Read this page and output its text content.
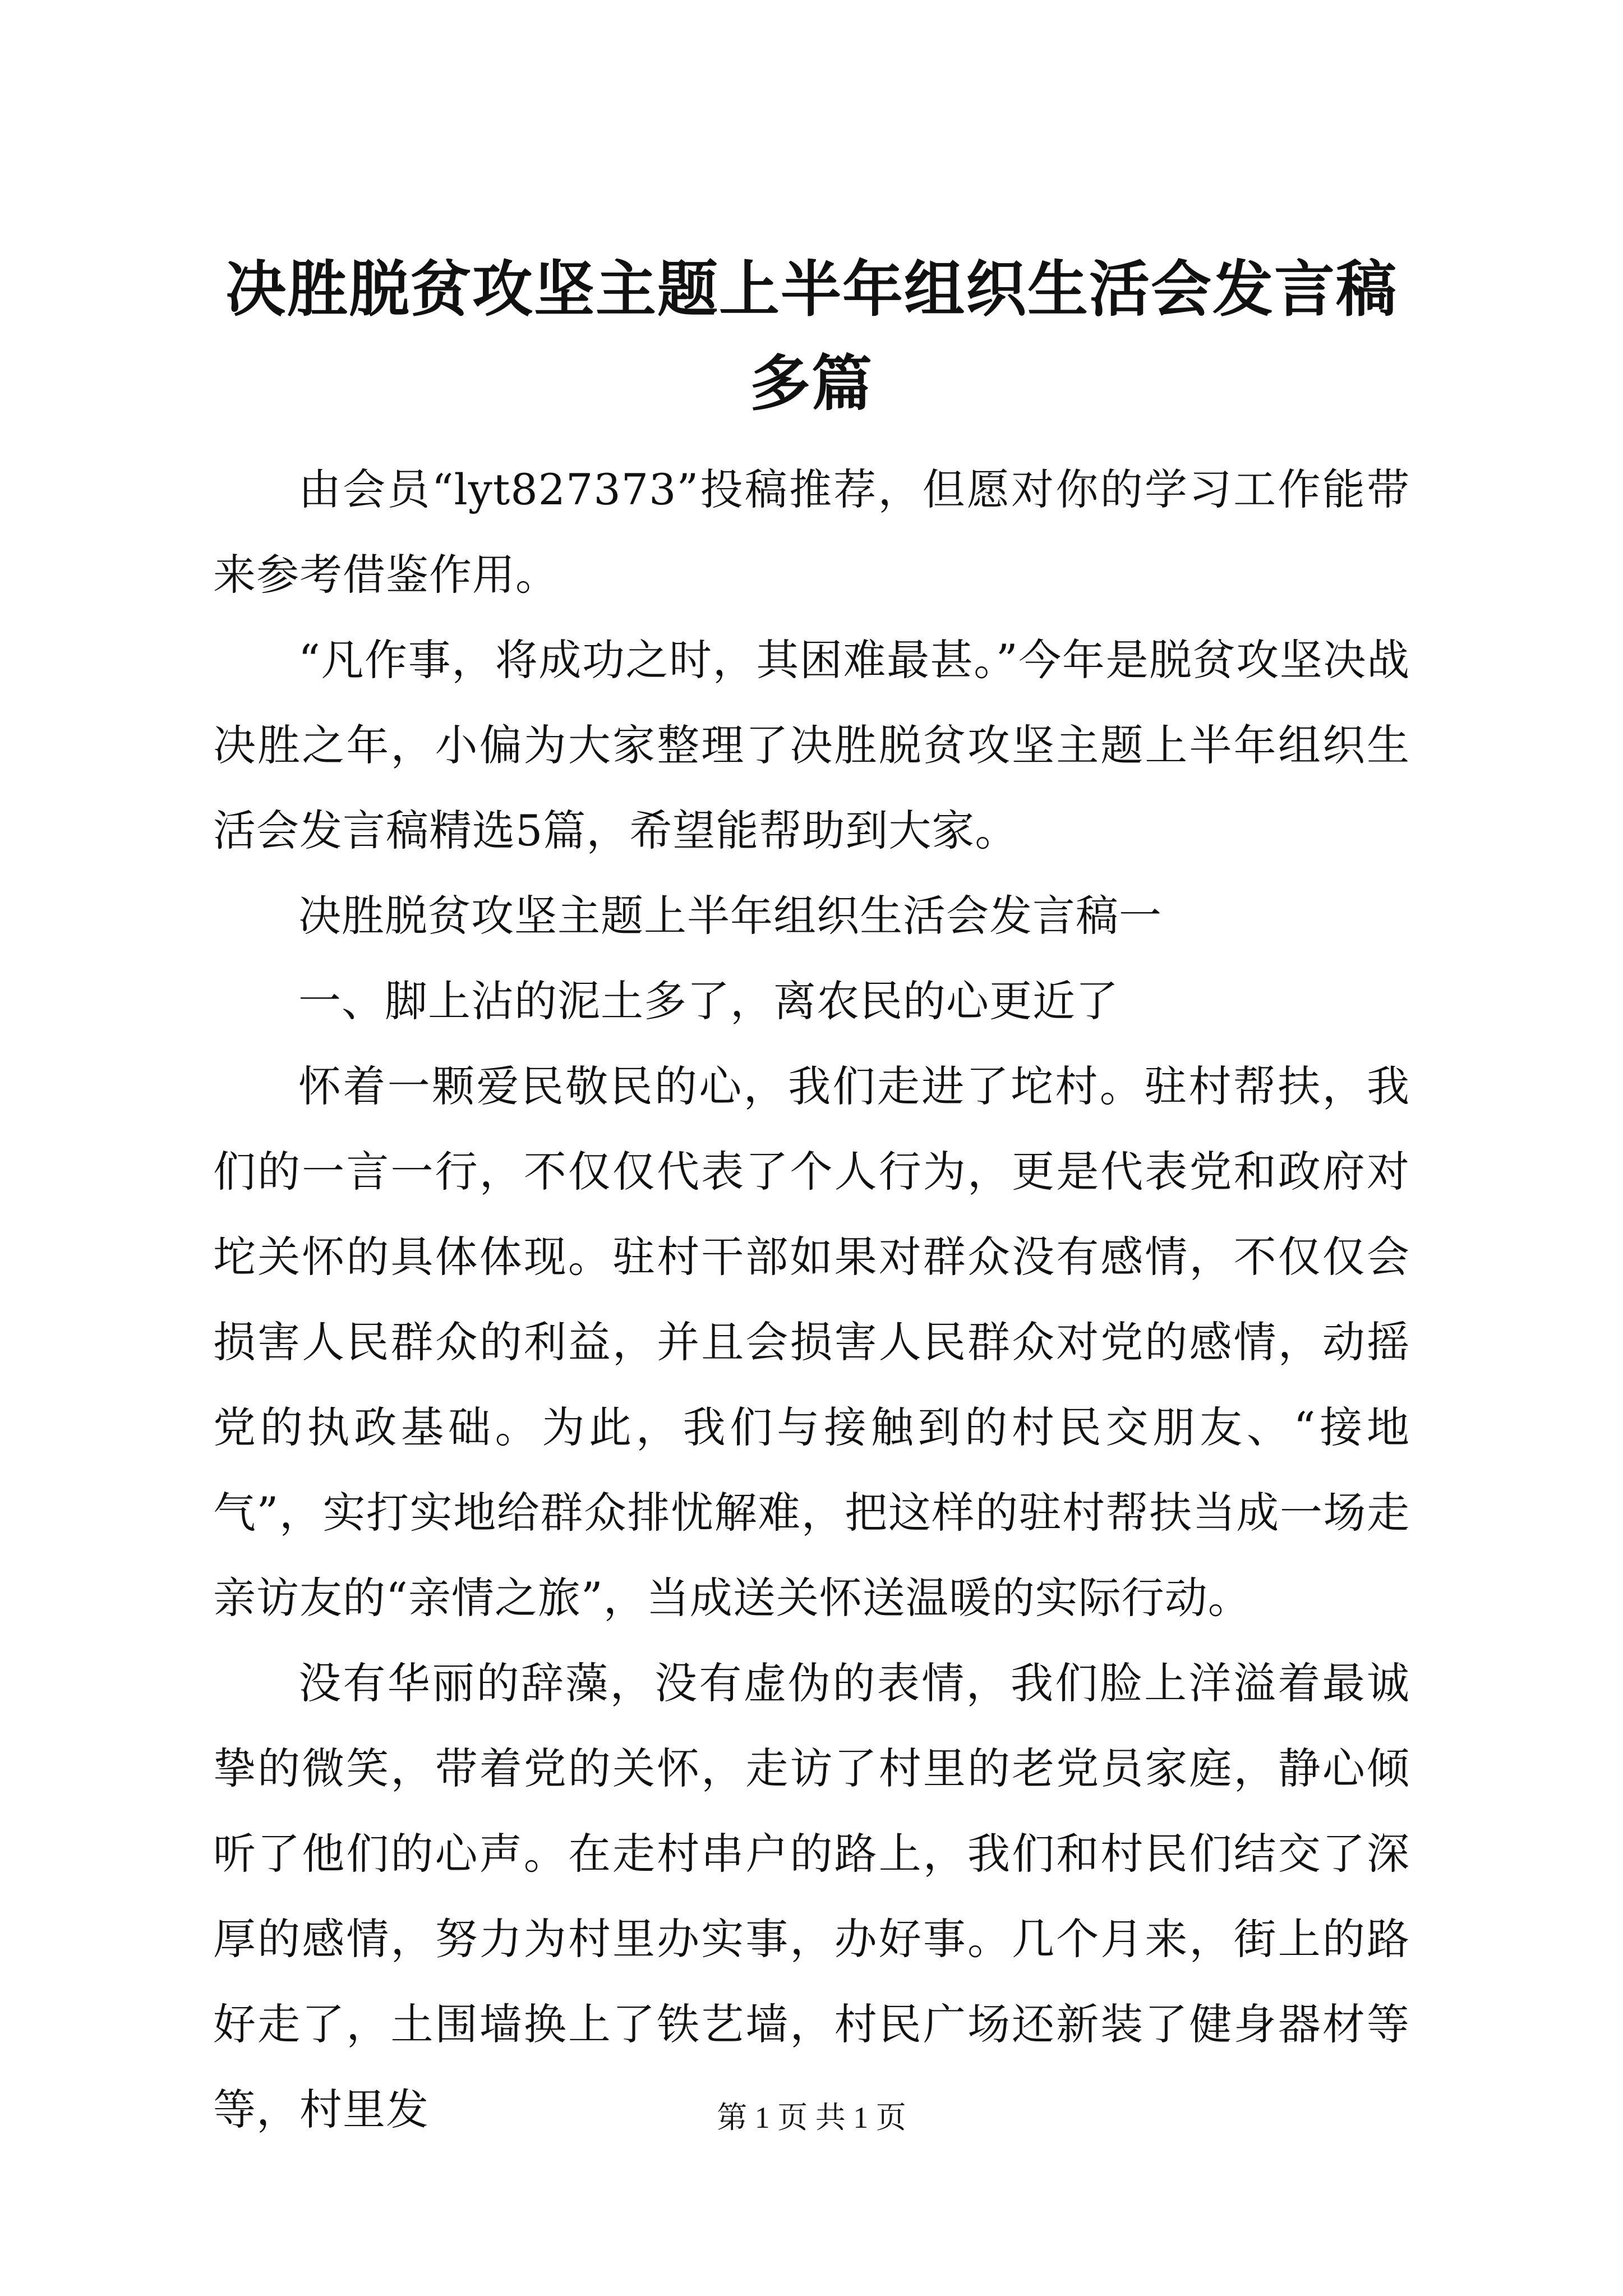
决胜脱贫攻坚主题上半年组织生活会发言稿多篇

由会员“lyt827373”投稿推荐，但愿对你的学习工作能带来参考借鉴作用。

“凡作事，将成功之时，其困难最甚。”今年是脱贫攻坚决战决胜之年，小偏为大家整理了决胜脱贫攻坚主题上半年组织生活会发言稿精选5篇，希望能帮助到大家。

决胜脱贫攻坚主题上半年组织生活会发言稿一

一、脚上沾的泥土多了，离农民的心更近了

怀着一颗爱民敬民的心，我们走进了坨村。驻村帮扶，我们的一言一行，不仅仅代表了个人行为，更是代表党和政府对坨关怀的具体体现。驻村干部如果对群众没有感情，不仅仅会损害人民群众的利益，并且会损害人民群众对党的感情，动摇党的执政基础。为此，我们与接触到的村民交朋友、“接地气”，实打实地给群众排忧解难，把这样的驻村帮扶当成一场走亲访友的“亲情之旅”，当成送关怀送温暖的实际行动。

没有华丽的辞藻，没有虚伪的表情，我们脸上洋溢着最诚挚的微笑，带着党的关怀，走访了村里的老党员家庭，静心倾听了他们的心声。在走村串户的路上，我们和村民们结交了深厚的感情，努力为村里办实事，办好事。几个月来，街上的路好走了，土围墙换上了铁艺墙，村民广场还新装了健身器材等等，村里发	第 1 页 共 1 页
